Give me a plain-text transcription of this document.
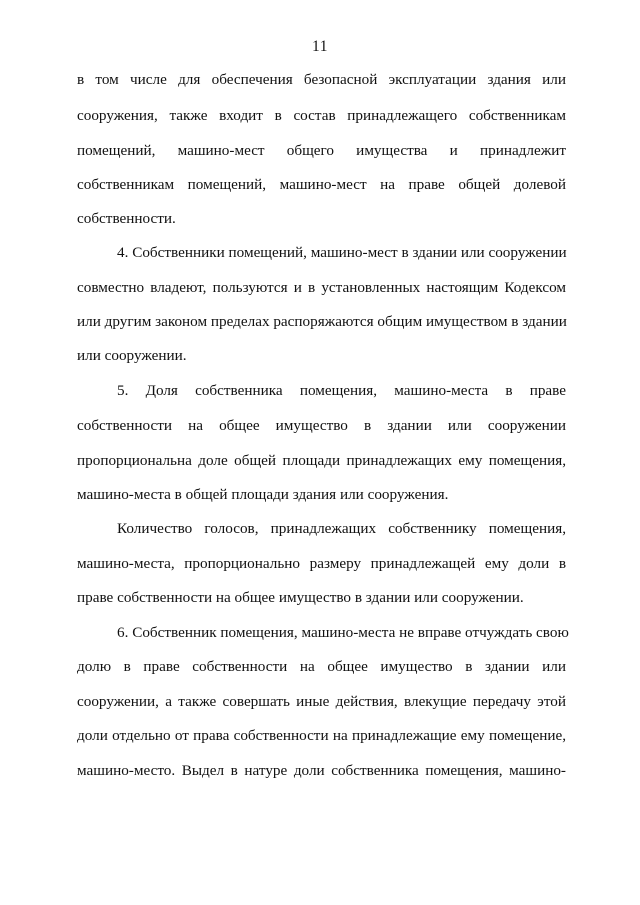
11
в том числе для обеспечения безопасной эксплуатации здания или
сооружения, также входит в состав принадлежащего собственникам
помещений, машино-мест общего имущества и принадлежит
собственникам помещений, машино-мест на праве общей долевой
собственности.
4. Собственники помещений, машино-мест в здании или сооружении
совместно владеют, пользуются и в установленных настоящим Кодексом
или другим законом пределах распоряжаются общим имуществом в здании
или сооружении.
5. Доля собственника помещения, машино-места в праве
собственности на общее имущество в здании или сооружении
пропорциональна доле общей площади принадлежащих ему помещения,
машино-места в общей площади здания или сооружения.
Количество голосов, принадлежащих собственнику помещения,
машино-места, пропорционально размеру принадлежащей ему доли в
праве собственности на общее имущество в здании или сооружении.
6. Собственник помещения, машино-места не вправе отчуждать свою
долю в праве собственности на общее имущество в здании или
сооружении, а также совершать иные действия, влекущие передачу этой
доли отдельно от права собственности на принадлежащие ему помещение,
машино-место. Выдел в натуре доли собственника помещения, машино-
